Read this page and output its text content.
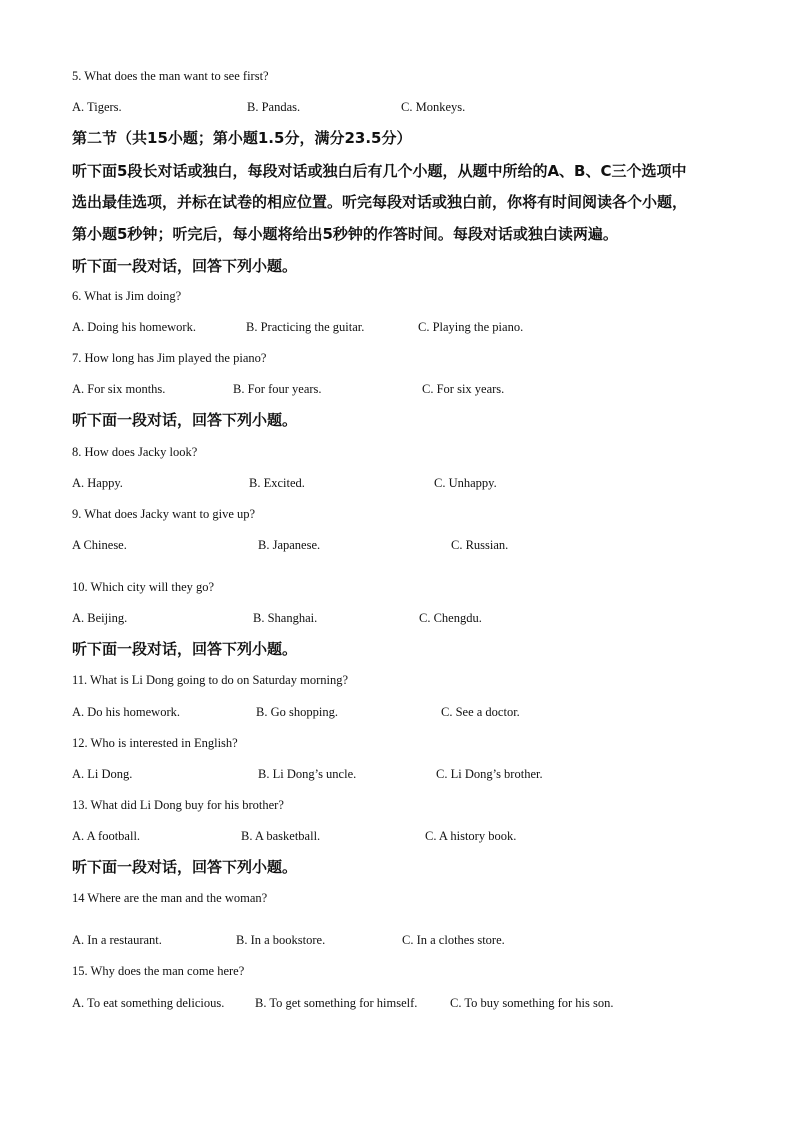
5. What does the man want to see first?
A. Tigers.	B. Pandas.	C. Monkeys.
第二节（共15小题；第小题1.5分，满分23.5分）
听下面5段长对话或独白，每段对话或独白后有几个小题，从题中所给的A、B、C三个选项中
选出最佳选项，并标在试卷的相应位置。听完每段对话或独白前，你将有时间阅读各个小题，
第小题5秒钟；听完后，每小题将给出5秒钟的作答时间。每段对话或独白读两遍。
听下面一段对话，回答下列小题。
6. What is Jim doing?
A. Doing his homework.	B. Practicing the guitar.	C. Playing the piano.
7. How long has Jim played the piano?
A. For six months.	B. For four years.	C. For six years.
听下面一段对话，回答下列小题。
8. How does Jacky look?
A. Happy.	B. Excited.	C. Unhappy.
9. What does Jacky want to give up?
A Chinese.	B. Japanese.	C. Russian.
10. Which city will they go?
A. Beijing.	B. Shanghai.	C. Chengdu.
听下面一段对话，回答下列小题。
11. What is Li Dong going to do on Saturday morning?
A. Do his homework.	B. Go shopping.	C. See a doctor.
12. Who is interested in English?
A. Li Dong.	B. Li Dong’s uncle.	C. Li Dong’s brother.
13. What did Li Dong buy for his brother?
A. A football.	B. A basketball.	C. A history book.
听下面一段对话，回答下列小题。
14 Where are the man and the woman?
A. In a restaurant.	B. In a bookstore.	C. In a clothes store.
15. Why does the man come here?
A. To eat something delicious. B. To get something for himself.	C. To buy something for his son.
